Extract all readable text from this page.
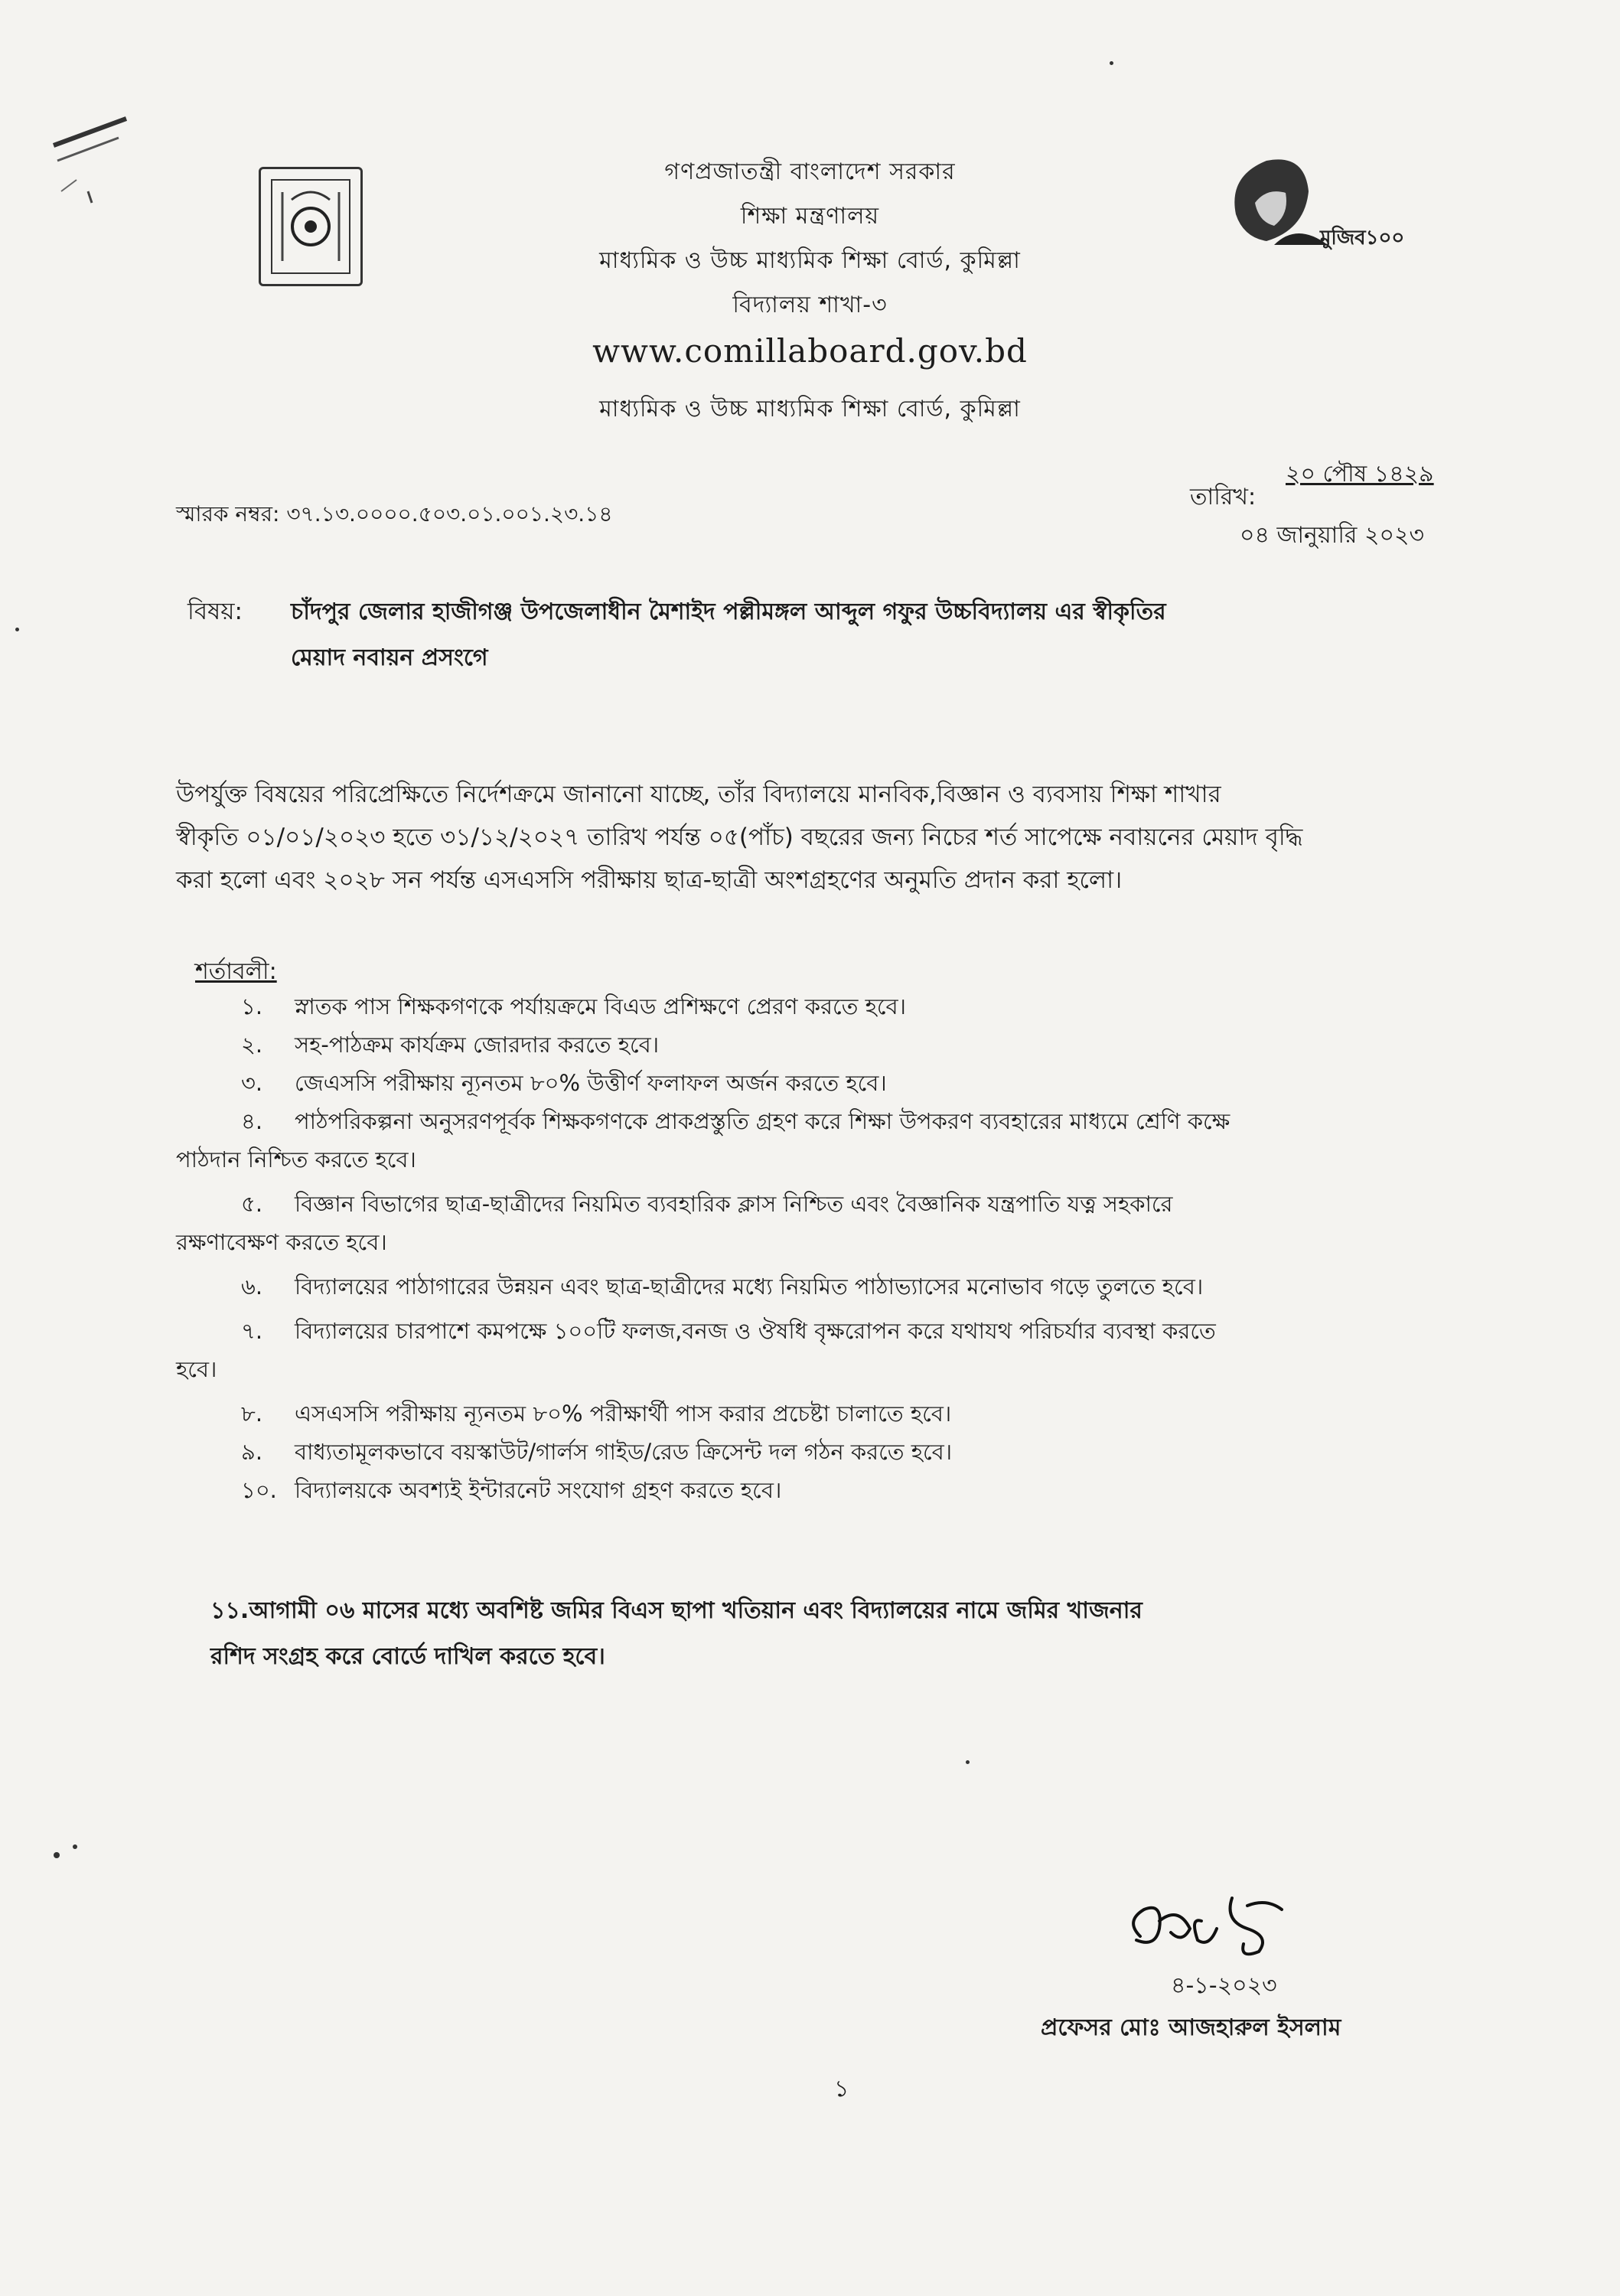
মুজিব১০০
গণপ্রজাতন্ত্রী বাংলাদেশ সরকার
শিক্ষা মন্ত্রণালয়
মাধ্যমিক ও উচ্চ মাধ্যমিক শিক্ষা বোর্ড, কুমিল্লা
বিদ্যালয় শাখা-৩
www.comillaboard.gov.bd
মাধ্যমিক ও উচ্চ মাধ্যমিক শিক্ষা বোর্ড, কুমিল্লা
স্মারক নম্বর: ৩৭.১৩.০০০০.৫০৩.০১.০০১.২৩.১৪
তারিখ:
২০ পৌষ ১৪২৯
০৪ জানুয়ারি ২০২৩
বিষয়: চাঁদপুর জেলার হাজীগঞ্জ উপজেলাধীন মৈশাইদ পল্লীমঙ্গল আব্দুল গফুর উচ্চবিদ্যালয় এর স্বীকৃতির
মেয়াদ নবায়ন প্রসংগে
উপর্যুক্ত বিষয়ের পরিপ্রেক্ষিতে নির্দেশক্রমে জানানো যাচ্ছে, তাঁর বিদ্যালয়ে মানবিক,বিজ্ঞান ও ব্যবসায় শিক্ষা শাখার
স্বীকৃতি ০১/০১/২০২৩ হতে ৩১/১২/২০২৭ তারিখ পর্যন্ত ০৫(পাঁচ) বছরের জন্য নিচের শর্ত সাপেক্ষে নবায়নের মেয়াদ বৃদ্ধি
করা হলো এবং ২০২৮ সন পর্যন্ত এসএসসি পরীক্ষায় ছাত্র-ছাত্রী অংশগ্রহণের অনুমতি প্রদান করা হলো।
শর্তাবলী:
১. স্নাতক পাস শিক্ষকগণকে পর্যায়ক্রমে বিএড প্রশিক্ষণে প্রেরণ করতে হবে।
২. সহ-পাঠক্রম কার্যক্রম জোরদার করতে হবে।
৩. জেএসসি পরীক্ষায় ন্যূনতম ৮০% উত্তীর্ণ ফলাফল অর্জন করতে হবে।
৪. পাঠপরিকল্পনা অনুসরণপূর্বক শিক্ষকগণকে প্রাকপ্রস্তুতি গ্রহণ করে শিক্ষা উপকরণ ব্যবহারের মাধ্যমে শ্রেণি কক্ষে
পাঠদান নিশ্চিত করতে হবে।
৫. বিজ্ঞান বিভাগের ছাত্র-ছাত্রীদের নিয়মিত ব্যবহারিক ক্লাস নিশ্চিত এবং বৈজ্ঞানিক যন্ত্রপাতি যত্ন সহকারে
রক্ষণাবেক্ষণ করতে হবে।
৬. বিদ্যালয়ের পাঠাগারের উন্নয়ন এবং ছাত্র-ছাত্রীদের মধ্যে নিয়মিত পাঠাভ্যাসের মনোভাব গড়ে তুলতে হবে।
৭. বিদ্যালয়ের চারপাশে কমপক্ষে ১০০টি ফলজ,বনজ ও ঔষধি বৃক্ষরোপন করে যথাযথ পরিচর্যার ব্যবস্থা করতে
হবে।
৮. এসএসসি পরীক্ষায় ন্যূনতম ৮০% পরীক্ষার্থী পাস করার প্রচেষ্টা চালাতে হবে।
৯. বাধ্যতামূলকভাবে বয়স্কাউট/গার্লস গাইড/রেড ক্রিসেন্ট দল গঠন করতে হবে।
১০. বিদ্যালয়কে অবশ্যই ইন্টারনেট সংযোগ গ্রহণ করতে হবে।
১১.আগামী ০৬ মাসের মধ্যে অবশিষ্ট জমির বিএস ছাপা খতিয়ান এবং বিদ্যালয়ের নামে জমির খাজনার
রশিদ সংগ্রহ করে বোর্ডে দাখিল করতে হবে।
৪-১-২০২৩
প্রফেসর মোঃ আজহারুল ইসলাম
১
